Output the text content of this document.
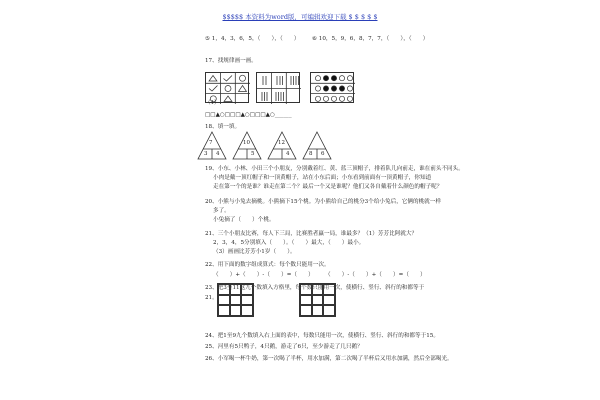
$$$$$ 本资料为word版，可编辑欢迎下载 $ $ $ $ $
⑤ 1，4，3，6，5，（　　），（　　） ⑥ 10，5，9，6，8，7，7，（　　），（　　）
17、找规律画一画。
（1）
□□▲○□□□▲○□□□▲○______
18、填一填。
7
3 4
10
5
12
4	8 6
19、小东、小林、小田三个小朋友，分别戴着红、黄、蓝三顶帽子，排着队儿向前走，谁在前头不同头。
小肉是戴一顶红帽子和一顶黄帽子，站在小东后面；小东看到前面有一顶黄帽子，你知道
走在第一个的是谁？谁走在第二个？最后一个又是谁呢？他们又各自戴着什么颜色的帽子呢？
20、小熊与小兔去摘桃。小熊摘下15个桃。为小熊给自己的桃分3个给小兔后，它俩的桃就一样
多了。
小兔摘了（　　）个桃。
21、三个小朋友比赛，每人下三局，比赛胜者赢一局，谁最多？（1）芳芳比阿就大？
2，3，4，5分别填入（　　）。（　　）最大，（　　）最小。
（3）画画比芳芳小1岁（　　）。
22、用下面的数字组成算式：每个数只能用一次。
（　　）+（　　）-（　　）=（　　）　　　（　　）-（　　）+（　　）=（　　）
23、把3至11这九个数填入方格里，每个数只能用一次，使横行、竖行、斜行的和都等于
21。
24、把1至9九个数填入右上面的表中，每数只能用一次，使横行、竖行、斜行的和都等于15。
25、河里有5只鸭子，4只鹅，游走了6只，至少游走了几只鹅？
26、小军喝一杯牛奶，第一次喝了半杯，用水加满，第二次喝了半杯后又用水加满，然后全部喝光。
